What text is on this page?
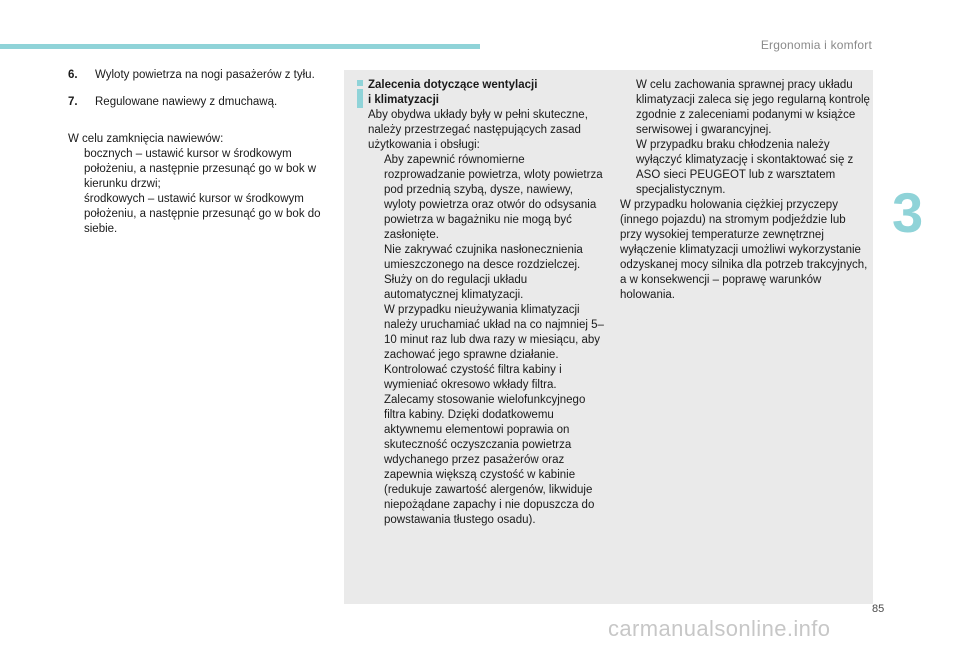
Ergonomia i komfort
3
6. Wyloty powietrza na nogi pasażerów z tyłu.
7. Regulowane nawiewy z dmuchawą.
W celu zamknięcia nawiewów:
bocznych – ustawić kursor w środkowym położeniu, a następnie przesunąć go w bok w kierunku drzwi;
środkowych – ustawić kursor w środkowym położeniu, a następnie przesunąć go w bok do siebie.
Zalecenia dotyczące wentylacji
i klimatyzacji
Aby obydwa układy były w pełni skuteczne, należy przestrzegać następujących zasad użytkowania i obsługi:
Aby zapewnić równomierne rozprowadzanie powietrza, wloty powietrza pod przednią szybą, dysze, nawiewy, wyloty powietrza oraz otwór do odsysania powietrza w bagażniku nie mogą być zasłonięte.
Nie zakrywać czujnika nasłonecznienia umieszczonego na desce rozdzielczej. Służy on do regulacji układu automatycznej klimatyzacji.
W przypadku nieużywania klimatyzacji należy uruchamiać układ na co najmniej 5–10 minut raz lub dwa razy w miesiącu, aby zachować jego sprawne działanie.
Kontrolować czystość filtra kabiny i wymieniać okresowo wkłady filtra. Zalecamy stosowanie wielofunkcyjnego filtra kabiny. Dzięki dodatkowemu aktywnemu elementowi poprawia on skuteczność oczyszczania powietrza wdychanego przez pasażerów oraz zapewnia większą czystość w kabinie (redukuje zawartość alergenów, likwiduje niepożądane zapachy i nie dopuszcza do powstawania tłustego osadu).
W celu zachowania sprawnej pracy układu klimatyzacji zaleca się jego regularną kontrolę zgodnie z zaleceniami podanymi w książce serwisowej i gwarancyjnej.
W przypadku braku chłodzenia należy wyłączyć klimatyzację i skontaktować się z ASO sieci PEUGEOT lub z warsztatem specjalistycznym.
W przypadku holowania ciężkiej przyczepy (innego pojazdu) na stromym podjeździe lub przy wysokiej temperaturze zewnętrznej wyłączenie klimatyzacji umożliwi wykorzystanie odzyskanej mocy silnika dla potrzeb trakcyjnych, a w konsekwencji – poprawę warunków holowania.
85
carmanualsonline.info
